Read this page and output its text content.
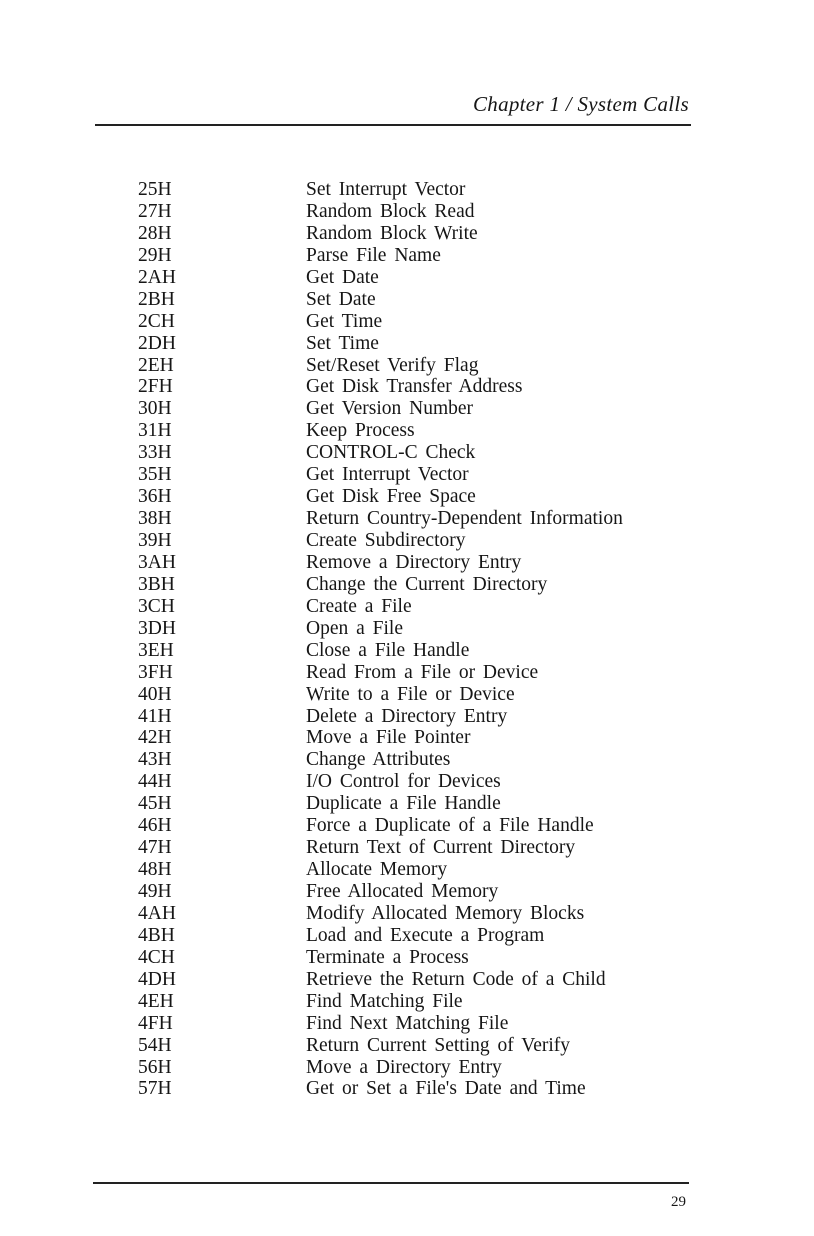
Chapter 1 / System Calls
25H	Set Interrupt Vector
27H	Random Block Read
28H	Random Block Write
29H	Parse File Name
2AH	Get Date
2BH	Set Date
2CH	Get Time
2DH	Set Time
2EH	Set/Reset Verify Flag
2FH	Get Disk Transfer Address
30H	Get Version Number
31H	Keep Process
33H	CONTROL-C Check
35H	Get Interrupt Vector
36H	Get Disk Free Space
38H	Return Country-Dependent Information
39H	Create Subdirectory
3AH	Remove a Directory Entry
3BH	Change the Current Directory
3CH	Create a File
3DH	Open a File
3EH	Close a File Handle
3FH	Read From a File or Device
40H	Write to a File or Device
41H	Delete a Directory Entry
42H	Move a File Pointer
43H	Change Attributes
44H	I/O Control for Devices
45H	Duplicate a File Handle
46H	Force a Duplicate of a File Handle
47H	Return Text of Current Directory
48H	Allocate Memory
49H	Free Allocated Memory
4AH	Modify Allocated Memory Blocks
4BH	Load and Execute a Program
4CH	Terminate a Process
4DH	Retrieve the Return Code of a Child
4EH	Find Matching File
4FH	Find Next Matching File
54H	Return Current Setting of Verify
56H	Move a Directory Entry
57H	Get or Set a File's Date and Time
29
